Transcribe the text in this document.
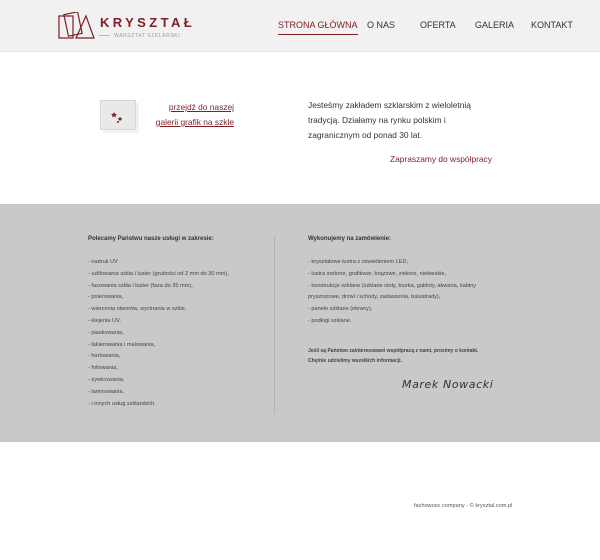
KRYSZTAŁ
WARSZTAT SZKLARSKI
STRONA GŁÓWNA O NAS	OFERTA GALERIA KONTAKT
przejdź do naszej galerii grafik na szkle

Jesteśmy zakładem szklarskim z wieloletnią tradycją. Działamy na rynku polskim i zagranicznym od ponad 30 lat.

Zapraszamy do współpracy
Polecamy Państwu nasze usługi w zakresie:
- nadruk UV
- szlifowania szkła i luster (grubości od 2 mm do 30 mm),
- fazowania szkła i luster (faza do 35 mm),
- polerowania,
- wiercenia otworów, wycinania w szkle,
- klejenia UV,
- piaskowania,
- lakierowania i malowania,
- hartowania,
- foliowania,
- żywicowania,
- laminowania,
- i innych usług szklarskich.
Wykonujemy na zamówienie:
- kryształowe lustra z oświetleniem LED,
- lustra srebrne, grafitowe, brązowe, zielone, niebieskie,
- konstrukcje szklane (szklane stoły, biurka, gabloty, akwaria, kabiny prysznicowe, drzwi i schody, zadaszenia, balustrady),
- panele szklane (ekrany),
- podłogi szklane.

Jeśli są Państwo zainteresowani współpracą z nami, prosimy o kontakt. Chętnie udzielimy wszelkich informacji.

Marek Nowacki
fachowosc company - © krysztal.com.pl
